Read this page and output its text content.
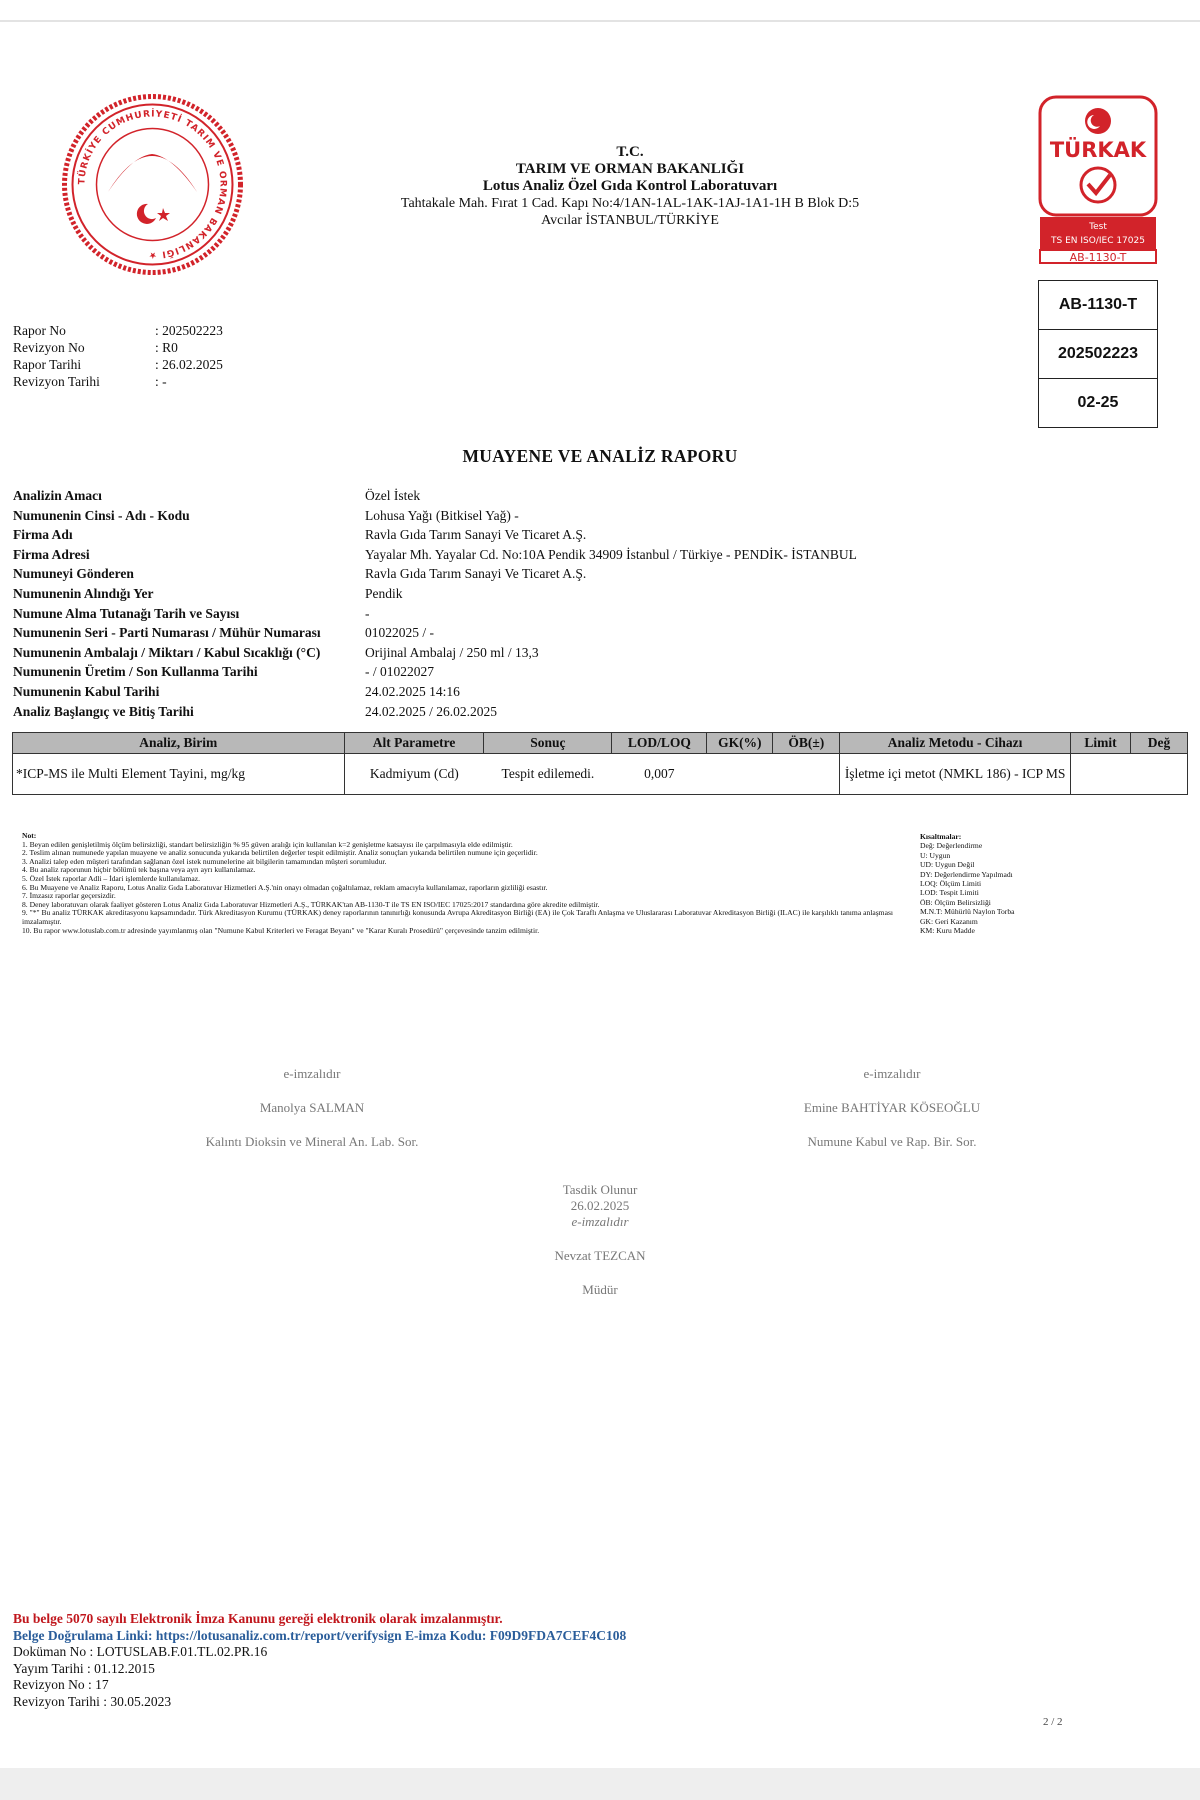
TÜRKİYE CUMHURİYETİ TARIM VE ORMAN BAKANLIĞI ★
T.C.
TARIM VE ORMAN BAKANLIĞI
Lotus Analiz Özel Gıda Kontrol Laboratuvarı
Tahtakale Mah. Fırat 1 Cad. Kapı No:4/1AN-1AL-1AK-1AJ-1A1-1H B Blok D:5
Avcılar İSTANBUL/TÜRKİYE
TÜRKAK
Test
TS EN ISO/IEC 17025
AB-1130-T
AB-1130-T
202502223
02-25
Rapor No	: 202502223
Revizyon No	: R0
Rapor Tarihi	: 26.02.2025
Revizyon Tarihi	: -
MUAYENE VE ANALİZ RAPORU
Analizin Amacı	Özel İstek
Numunenin Cinsi - Adı - Kodu	Lohusa Yağı (Bitkisel Yağ) -
Firma Adı	Ravla Gıda Tarım Sanayi Ve Ticaret A.Ş.
Firma Adresi	Yayalar Mh. Yayalar Cd. No:10A Pendik 34909 İstanbul / Türkiye - PENDİK- İSTANBUL
Numuneyi Gönderen	Ravla Gıda Tarım Sanayi Ve Ticaret A.Ş.
Numunenin Alındığı Yer	Pendik
Numune Alma Tutanağı Tarih ve Sayısı	-
Numunenin Seri - Parti Numarası / Mühür Numarası	01022025 / -
Numunenin Ambalajı / Miktarı / Kabul Sıcaklığı (°C)	Orijinal Ambalaj / 250 ml / 13,3
Numunenin Üretim / Son Kullanma Tarihi	- / 01022027
Numunenin Kabul Tarihi	24.02.2025 14:16
Analiz Başlangıç ve Bitiş Tarihi	24.02.2025 / 26.02.2025
Analiz, Birim	Alt Parametre	Sonuç	LOD/LOQ	GK(%)	ÖB(±)	Analiz Metodu - Cihazı	Limit	Değ
*ICP-MS ile Multi Element Tayini, mg/kg	Kadmiyum (Cd)	Tespit edilemedi.	0,007			İşletme içi metot (NMKL 186) - ICP MS		
Not:
1. Beyan edilen genişletilmiş ölçüm belirsizliği, standart belirsizliğin % 95 güven aralığı için kullanılan k=2 genişletme katsayısı ile çarpılmasıyla elde edilmiştir.
2. Teslim alınan numunede yapılan muayene ve analiz sonucunda yukarıda belirtilen değerler tespit edilmiştir. Analiz sonuçları yukarıda belirtilen numune için geçerlidir.
3. Analizi talep eden müşteri tarafından sağlanan özel istek numunelerine ait bilgilerin tamamından müşteri sorumludur.
4. Bu analiz raporunun hiçbir bölümü tek başına veya ayrı ayrı kullanılamaz.
5. Özel İstek raporlar Adli – İdari işlemlerde kullanılamaz.
6. Bu Muayene ve Analiz Raporu, Lotus Analiz Gıda Laboratuvar Hizmetleri A.Ş.'nin onayı olmadan çoğaltılamaz, reklam amacıyla kullanılamaz, raporların gizliliği esastır.
7. İmzasız raporlar geçersizdir.
8. Deney laboratuvarı olarak faaliyet gösteren Lotus Analiz Gıda Laboratuvar Hizmetleri A.Ş., TÜRKAK'tan AB-1130-T ile TS EN ISO/IEC 17025:2017 standardına göre akredite edilmiştir.
9. "*" Bu analiz TÜRKAK akreditasyonu kapsamındadır. Türk Akreditasyon Kurumu (TÜRKAK) deney raporlarının tanınırlığı konusunda Avrupa Akreditasyon Birliği (EA) ile Çok Taraflı Anlaşma ve Uluslararası Laboratuvar Akreditasyon Birliği (ILAC) ile karşılıklı tanıma anlaşması imzalamıştır.
10. Bu rapor www.lotuslab.com.tr adresinde yayımlanmış olan "Numune Kabul Kriterleri ve Feragat Beyanı" ve "Karar Kuralı Prosedürü" çerçevesinde tanzim edilmiştir.
Kısaltmalar:
Değ: Değerlendirme
U: Uygun
UD: Uygun Değil
DY: Değerlendirme Yapılmadı
LOQ: Ölçüm Limiti
LOD: Tespit Limiti
ÖB: Ölçüm Belirsizliği
M.N.T: Mühürlü Naylon Torba
GK: Geri Kazanım
KM: Kuru Madde
e-imzalıdır
Manolya SALMAN
Kalıntı Dioksin ve Mineral An. Lab. Sor.
e-imzalıdır
Emine BAHTİYAR KÖSEOĞLU
Numune Kabul ve Rap. Bir. Sor.
Tasdik Olunur
26.02.2025
e-imzalıdır
Nevzat TEZCAN
Müdür
Bu belge 5070 sayılı Elektronik İmza Kanunu gereği elektronik olarak imzalanmıştır.
Belge Doğrulama Linki: https://lotusanaliz.com.tr/report/verifysign E-imza Kodu: F09D9FDA7CEF4C108
Doküman No : LOTUSLAB.F.01.TL.02.PR.16
Yayım Tarihi : 01.12.2015
Revizyon No : 17
Revizyon Tarihi : 30.05.2023
2 / 2
